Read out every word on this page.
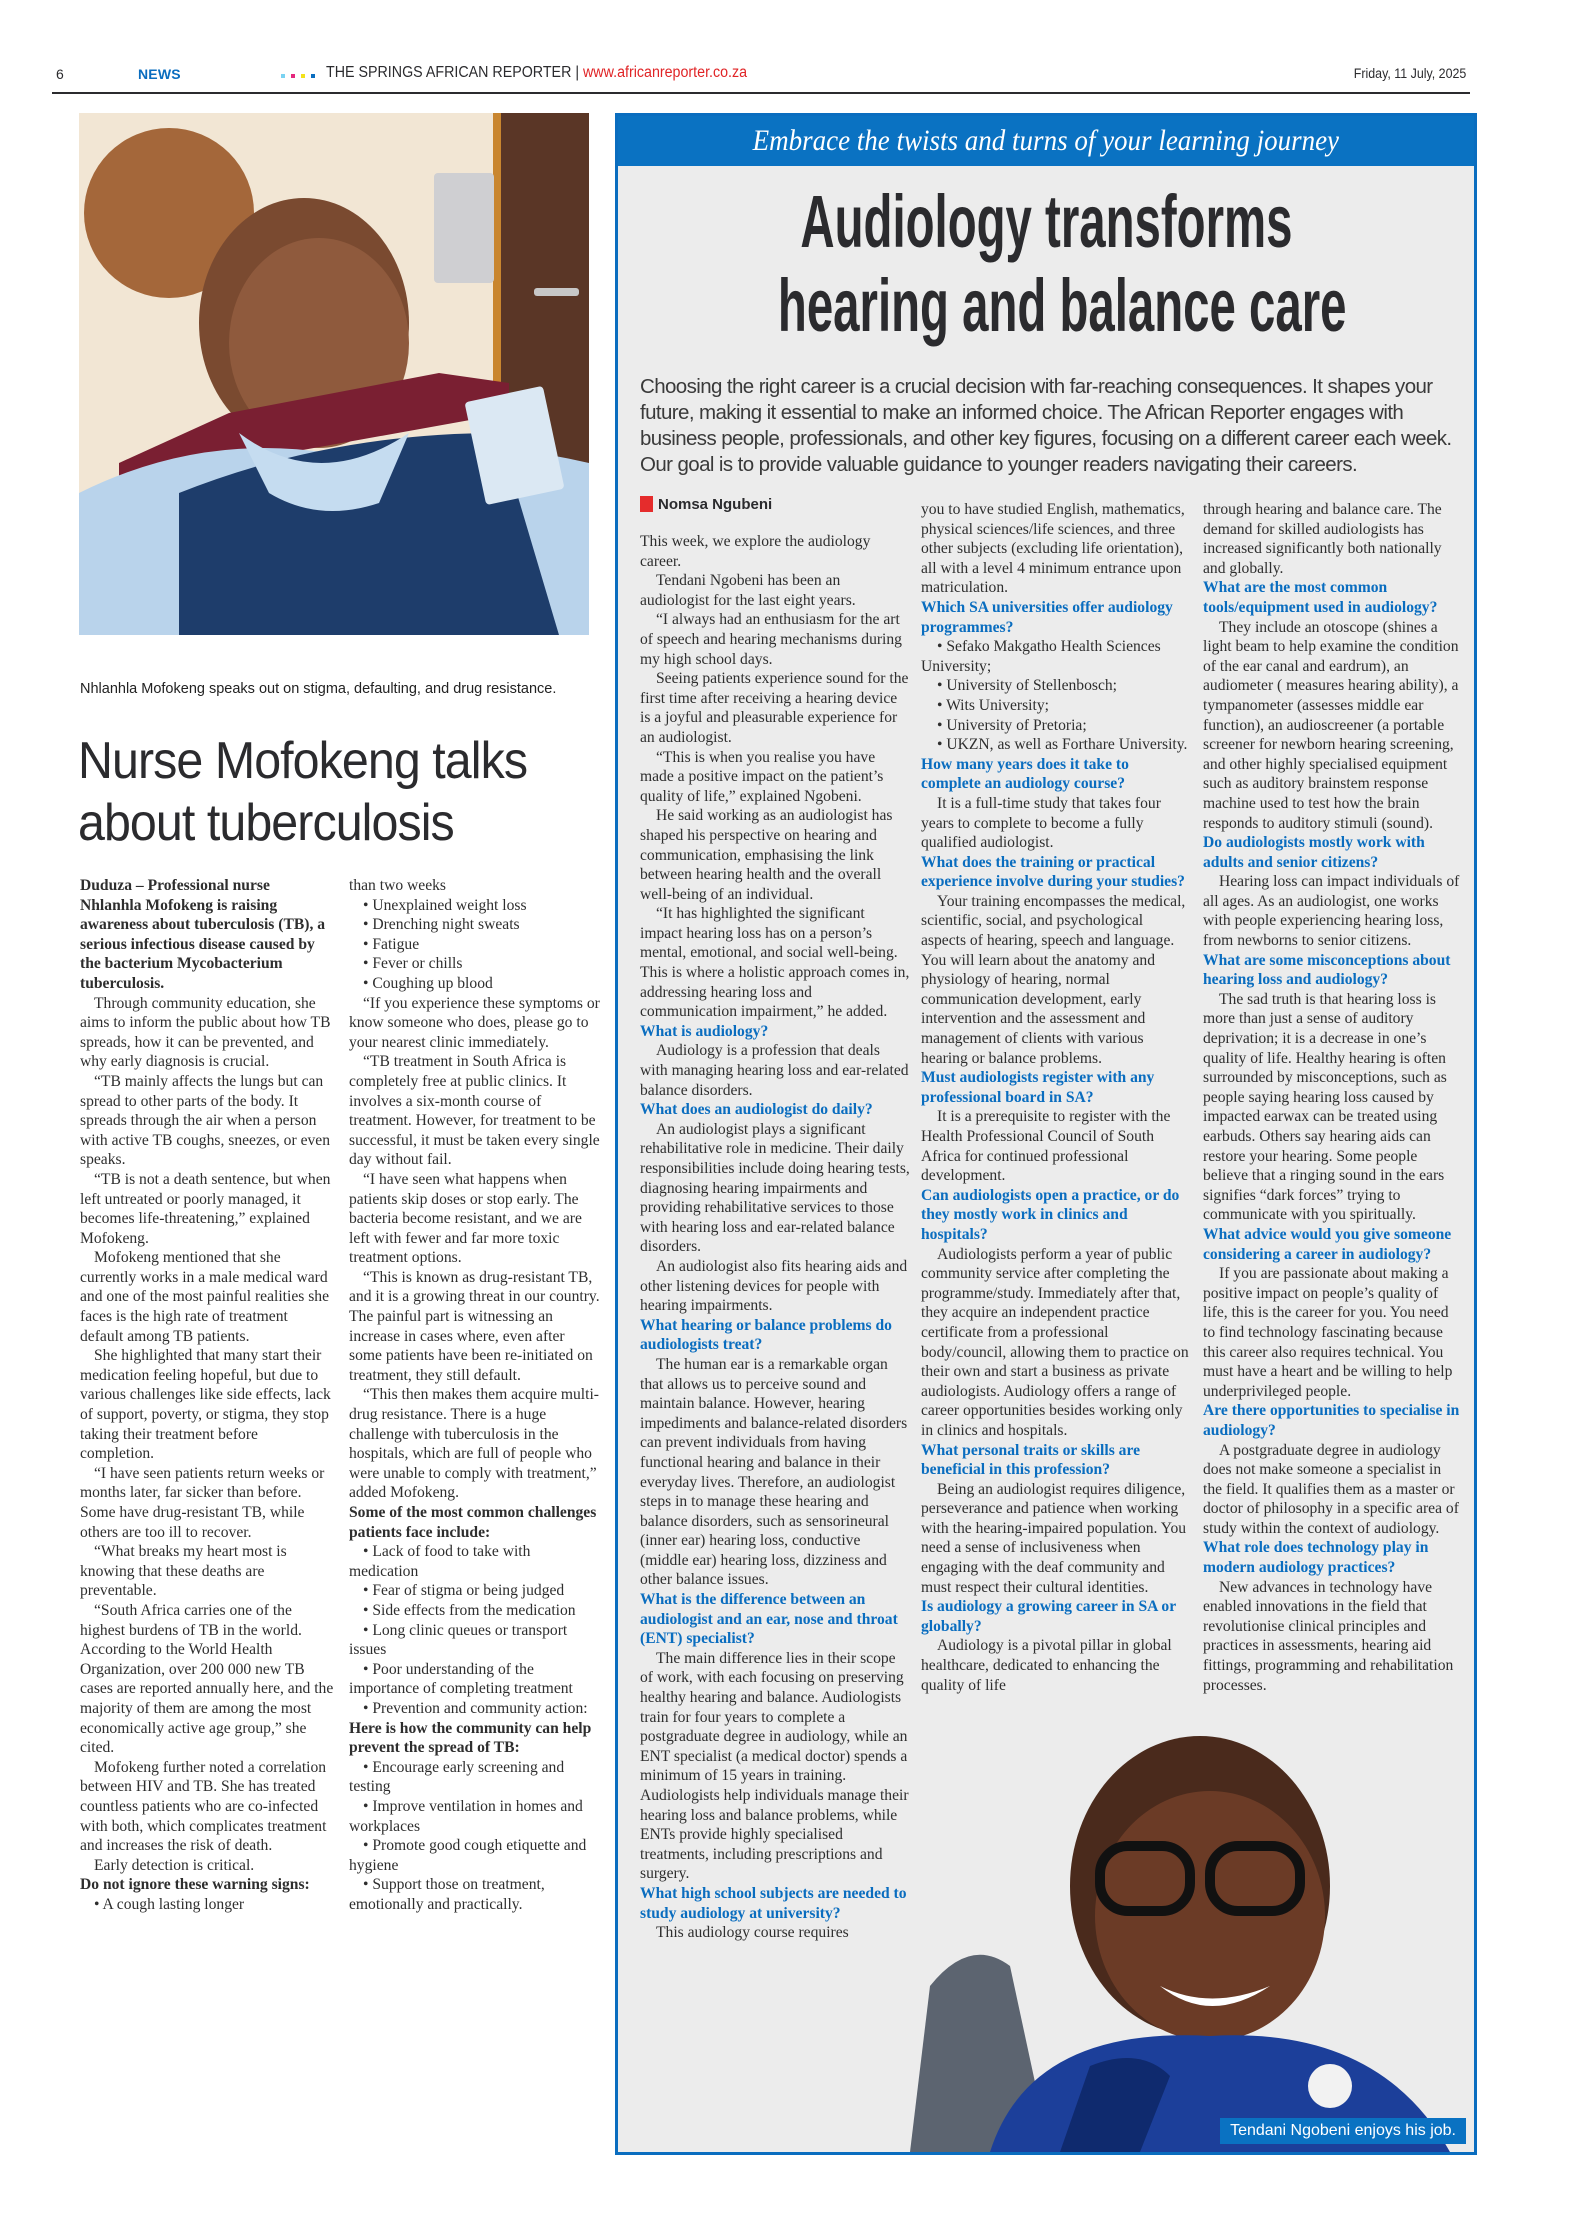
6	NEWS	THE SPRINGS AFRICAN REPORTER | www.africanreporter.co.za	Friday, 11 July, 2025
Nhlanhla Mofokeng speaks out on stigma, defaulting, and drug resistance.
Nurse Mofokeng talks about tuberculosis

Duduza – Professional nurse Nhlanhla Mofokeng is raising awareness about tuberculosis (TB), a serious infectious disease caused by the bacterium Mycobacterium tuberculosis.

Through community education, she aims to inform the public about how TB spreads, how it can be prevented, and why early diagnosis is crucial.

“TB mainly affects the lungs but can spread to other parts of the body. It spreads through the air when a person with active TB coughs, sneezes, or even speaks.

“TB is not a death sentence, but when left untreated or poorly managed, it becomes life-threatening,” explained Mofokeng.

Mofokeng mentioned that she currently works in a male medical ward and one of the most painful realities she faces is the high rate of treatment default among TB patients.

She highlighted that many start their medication feeling hopeful, but due to various challenges like side effects, lack of support, poverty, or stigma, they stop taking their treatment before completion.

“I have seen patients return weeks or months later, far sicker than before. Some have drug-resistant TB, while others are too ill to recover.

“What breaks my heart most is knowing that these deaths are preventable.

“South Africa carries one of the highest burdens of TB in the world. According to the World Health Organization, over 200 000 new TB cases are reported annually here, and the majority of them are among the most economically active age group,” she cited.

Mofokeng further noted a correlation between HIV and TB. She has treated countless patients who are co-infected with both, which complicates treatment and increases the risk of death.

Early detection is critical.

Do not ignore these warning signs:

• A cough lasting longer

than two weeks

• Unexplained weight loss

• Drenching night sweats

• Fatigue

• Fever or chills

• Coughing up blood

“If you experience these symptoms or know someone who does, please go to your nearest clinic immediately.

“TB treatment in South Africa is completely free at public clinics. It involves a six-month course of treatment. However, for treatment to be successful, it must be taken every single day without fail.

“I have seen what happens when patients skip doses or stop early. The bacteria become resistant, and we are left with fewer and far more toxic treatment options.

“This is known as drug-resistant TB, and it is a growing threat in our country. The painful part is witnessing an increase in cases where, even after some patients have been re-initiated on treatment, they still default.

“This then makes them acquire multi-drug resistance. There is a huge challenge with tuberculosis in the hospitals, which are full of people who were unable to comply with treatment,” added Mofokeng.

Some of the most common challenges patients face include:

• Lack of food to take with medication

• Fear of stigma or being judged

• Side effects from the medication

• Long clinic queues or transport issues

• Poor understanding of the importance of completing treatment

• Prevention and community action:

Here is how the community can help prevent the spread of TB:

• Encourage early screening and testing

• Improve ventilation in homes and workplaces

• Promote good cough etiquette and hygiene

• Support those on treatment, emotionally and practically.

Embrace the twists and turns of your learning journey
Audiology transforms
hearing and balance care
Choosing the right career is a crucial decision with far-reaching consequences. It shapes your future, making it essential to make an informed choice. The African Reporter engages with business people, professionals, and other key figures, focusing on a different career each week. Our goal is to provide valuable guidance to younger readers navigating their careers.
Nomsa Ngubeni

This week, we explore the audiology career.

Tendani Ngobeni has been an audiologist for the last eight years.

“I always had an enthusiasm for the art of speech and hearing mechanisms during my high school days.

Seeing patients experience sound for the first time after receiving a hearing device is a joyful and pleasurable experience for an audiologist.

“This is when you realise you have made a positive impact on the patient’s quality of life,” explained Ngobeni.

He said working as an audiologist has shaped his perspective on hearing and communication, emphasising the link between hearing health and the overall well-being of an individual.

“It has highlighted the significant impact hearing loss has on a person’s mental, emotional, and social well-being. This is where a holistic approach comes in, addressing hearing loss and communication impairment,” he added.

What is audiology?

Audiology is a profession that deals with managing hearing loss and ear-related balance disorders.

What does an audiologist do daily?

An audiologist plays a significant rehabilitative role in medicine. Their daily responsibilities include doing hearing tests, diagnosing hearing impairments and providing rehabilitative services to those with hearing loss and ear-related balance disorders.

An audiologist also fits hearing aids and other listening devices for people with hearing impairments.

What hearing or balance problems do audiologists treat?

The human ear is a remarkable organ that allows us to perceive sound and maintain balance. However, hearing impediments and balance-related disorders can prevent individuals from having functional hearing and balance in their everyday lives. Therefore, an audiologist steps in to manage these hearing and balance disorders, such as sensorineural (inner ear) hearing loss, conductive (middle ear) hearing loss, dizziness and other balance issues.

What is the difference between an audiologist and an ear, nose and throat (ENT) specialist?

The main difference lies in their scope of work, with each focusing on preserving healthy hearing and balance. Audiologists train for four years to complete a postgraduate degree in audiology, while an ENT specialist (a medical doctor) spends a minimum of 15 years in training. Audiologists help individuals manage their hearing loss and balance problems, while ENTs provide highly specialised treatments, including prescriptions and surgery.

What high school subjects are needed to study audiology at university?

This audiology course requires

you to have studied English, mathematics, physical sciences/life sciences, and three other subjects (excluding life orientation), all with a level 4 minimum entrance upon matriculation.

Which SA universities offer audiology programmes?

• Sefako Makgatho Health Sciences University;

• University of Stellenbosch;

• Wits University;

• University of Pretoria;

• UKZN, as well as Forthare University.

How many years does it take to complete an audiology course?

It is a full-time study that takes four years to complete to become a fully qualified audiologist.

What does the training or practical experience involve during your studies?

Your training encompasses the medical, scientific, social, and psychological aspects of hearing, speech and language. You will learn about the anatomy and physiology of hearing, normal communication development, early intervention and the assessment and management of clients with various hearing or balance problems.

Must audiologists register with any professional board in SA?

It is a prerequisite to register with the Health Professional Council of South Africa for continued professional development.

Can audiologists open a practice, or do they mostly work in clinics and hospitals?

Audiologists perform a year of public community service after completing the programme/study. Immediately after that, they acquire an independent practice certificate from a professional body/council, allowing them to practice on their own and start a business as private audiologists. Audiology offers a range of career opportunities besides working only in clinics and hospitals.

What personal traits or skills are beneficial in this profession?

Being an audiologist requires diligence, perseverance and patience when working with the hearing-impaired population. You need a sense of inclusiveness when engaging with the deaf community and must respect their cultural identities.

Is audiology a growing career in SA or globally?

Audiology is a pivotal pillar in global healthcare, dedicated to enhancing the quality of life

through hearing and balance care. The demand for skilled audiologists has increased significantly both nationally and globally.

What are the most common tools/equipment used in audiology?

They include an otoscope (shines a light beam to help examine the condition of the ear canal and eardrum), an audiometer ( measures hearing ability), a tympanometer (assesses middle ear function), an audioscreener (a portable screener for newborn hearing screening, and other highly specialised equipment such as auditory brainstem response machine used to test how the brain responds to auditory stimuli (sound).

Do audiologists mostly work with adults and senior citizens?

Hearing loss can impact individuals of all ages. As an audiologist, one works with people experiencing hearing loss, from newborns to senior citizens.

What are some misconceptions about hearing loss and audiology?

The sad truth is that hearing loss is more than just a sense of auditory deprivation; it is a decrease in one’s quality of life. Healthy hearing is often surrounded by misconceptions, such as people saying hearing loss caused by impacted earwax can be treated using earbuds. Others say hearing aids can restore your hearing. Some people believe that a ringing sound in the ears signifies “dark forces” trying to communicate with you spiritually.

What advice would you give someone considering a career in audiology?

If you are passionate about making a positive impact on people’s quality of life, this is the career for you. You need to find technology fascinating because this career also requires technical. You must have a heart and be willing to help underprivileged people.

Are there opportunities to specialise in audiology?

A postgraduate degree in audiology does not make someone a specialist in the field. It qualifies them as a master or doctor of philosophy in a specific area of study within the context of audiology.

What role does technology play in modern audiology practices?

New advances in technology have enabled innovations in the field that revolutionise clinical principles and practices in assessments, hearing aid fittings, programming and rehabilitation processes.

Tendani Ngobeni enjoys his job.
